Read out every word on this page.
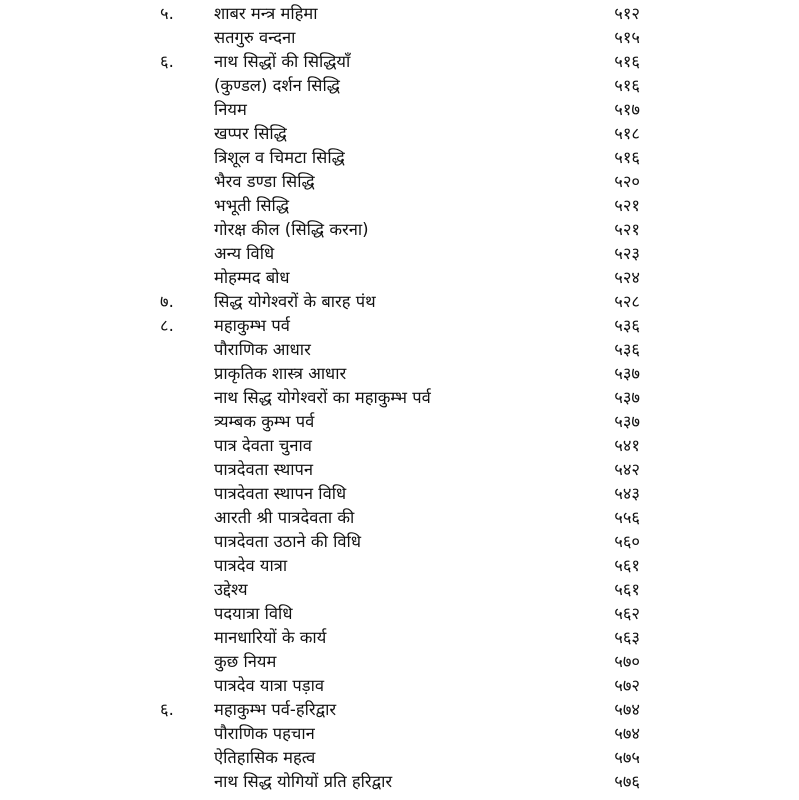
५.	शाबर मन्त्र महिमा	५१२
सतगुरु वन्दना	५१५
६.	नाथ सिद्धों की सिद्धियाँ	५१६
(कुण्डल) दर्शन सिद्धि	५१६
नियम	५१७
खप्पर सिद्धि	५१८
त्रिशूल व चिमटा सिद्धि	५१६
भैरव डण्डा सिद्धि	५२०
भभूती सिद्धि	५२१
गोरक्ष कील (सिद्धि करना)	५२१
अन्य विधि	५२३
मोहम्मद बोध	५२४
७.	सिद्ध योगेश्वरों के बारह पंथ	५२८
८.	महाकुम्भ पर्व	५३६
पौराणिक आधार	५३६
प्राकृतिक शास्त्र आधार	५३७
नाथ सिद्ध योगेश्वरों का महाकुम्भ पर्व	५३७
त्र्यम्बक कुम्भ पर्व	५३७
पात्र देवता चुनाव	५४१
पात्रदेवता स्थापन	५४२
पात्रदेवता स्थापन विधि	५४३
आरती श्री पात्रदेवता की	५५६
पात्रदेवता उठाने की विधि	५६०
पात्रदेव यात्रा	५६१
उद्देश्य	५६१
पदयात्रा विधि	५६२
मानधारियों के कार्य	५६३
कुछ नियम	५७०
पात्रदेव यात्रा पड़ाव	५७२
६.	महाकुम्भ पर्व-हरिद्वार	५७४
पौराणिक पहचान	५७४
ऐतिहासिक महत्व	५७५
नाथ सिद्ध योगियों प्रति हरिद्वार	५७६
